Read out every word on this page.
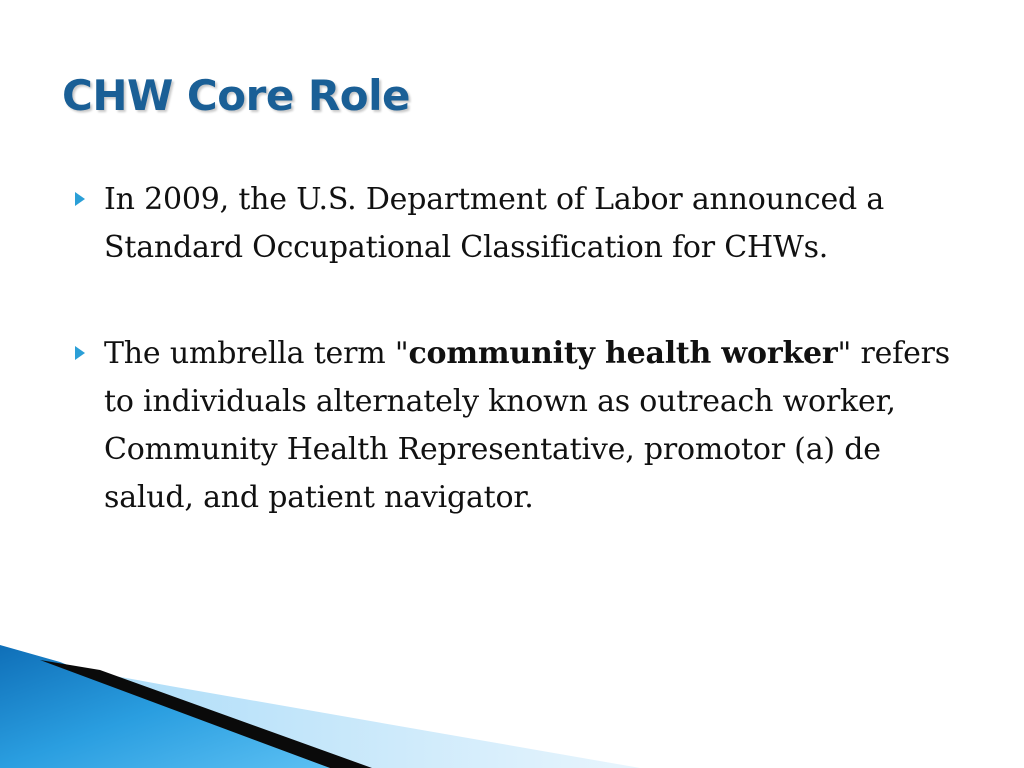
CHW Core Role
In 2009, the U.S. Department of Labor announced a Standard Occupational Classification for CHWs.
The umbrella term "community health worker" refers to individuals alternately known as outreach worker, Community Health Representative, promotor (a) de salud, and patient navigator.
